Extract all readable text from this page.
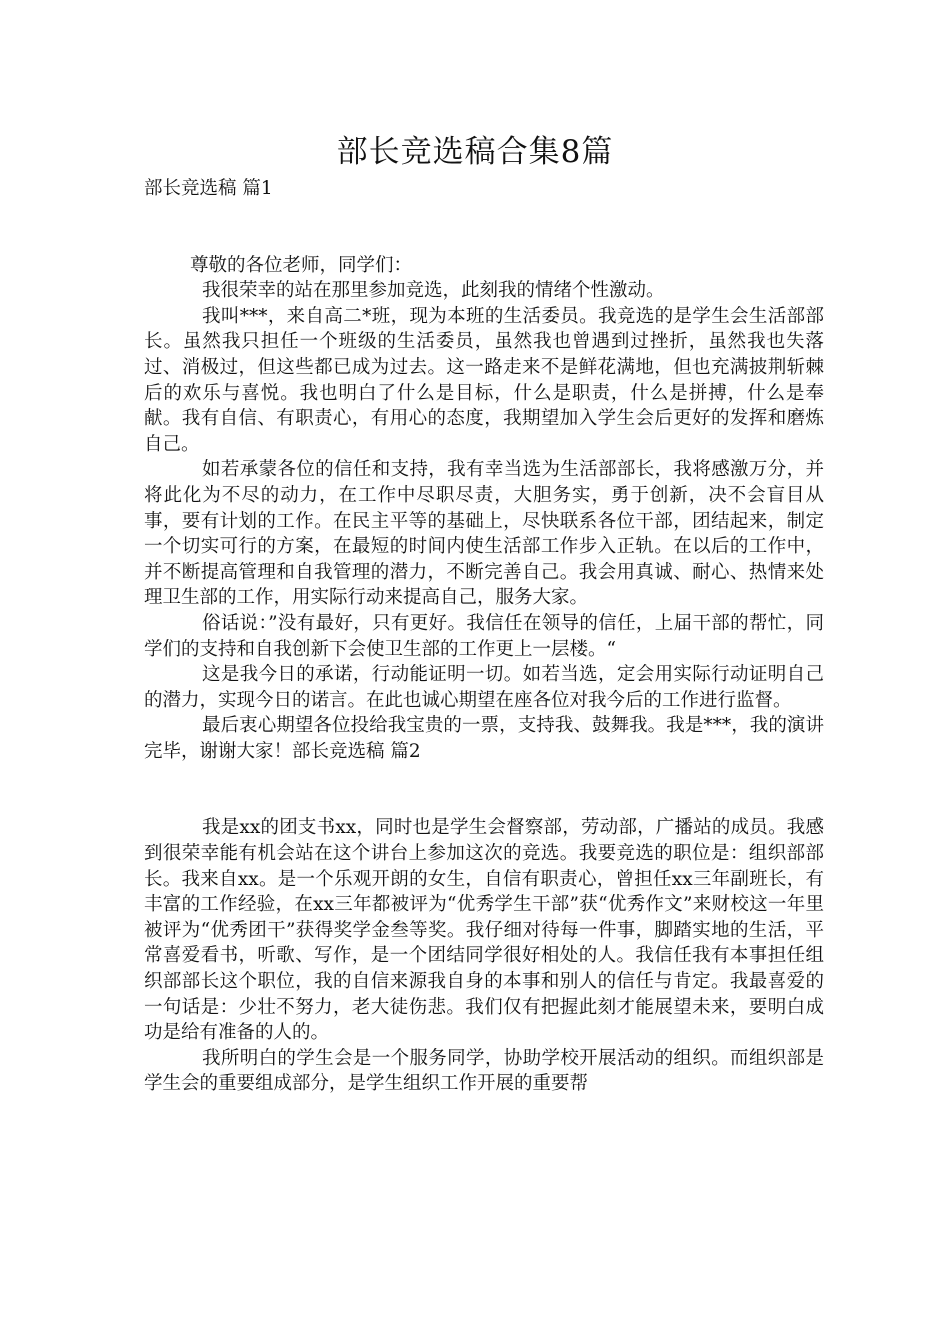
部长竞选稿合集8篇

部长竞选稿 篇1

尊敬的各位老师，同学们：

我很荣幸的站在那里参加竞选，此刻我的情绪个性激动。

我叫***，来自高二*班，现为本班的生活委员。我竞选的是学生会生活部部长。虽然我只担任一个班级的生活委员，虽然我也曾遇到过挫折，虽然我也失落过、消极过，但这些都已成为过去。这一路走来不是鲜花满地，但也充满披荆斩棘后的欢乐与喜悦。我也明白了什么是目标，什么是职责，什么是拼搏，什么是奉献。我有自信、有职责心，有用心的态度，我期望加入学生会后更好的发挥和磨炼自己。

如若承蒙各位的信任和支持，我有幸当选为生活部部长，我将感激万分，并将此化为不尽的动力，在工作中尽职尽责，大胆务实，勇于创新，决不会盲目从事，要有计划的工作。在民主平等的基础上，尽快联系各位干部，团结起来，制定一个切实可行的方案，在最短的时间内使生活部工作步入正轨。在以后的工作中，并不断提高管理和自我管理的潜力，不断完善自己。我会用真诚、耐心、热情来处理卫生部的工作，用实际行动来提高自己，服务大家。

俗话说：”没有最好，只有更好。我信任在领导的信任，上届干部的帮忙，同学们的支持和自我创新下会使卫生部的工作更上一层楼。“

这是我今日的承诺，行动能证明一切。如若当选，定会用实际行动证明自己的潜力，实现今日的诺言。在此也诚心期望在座各位对我今后的工作进行监督。

最后衷心期望各位投给我宝贵的一票，支持我、鼓舞我。我是***，我的演讲完毕，谢谢大家！部长竞选稿 篇2

我是xx的团支书xx，同时也是学生会督察部，劳动部，广播站的成员。我感到很荣幸能有机会站在这个讲台上参加这次的竞选。我要竞选的职位是：组织部部长。我来自xx。是一个乐观开朗的女生，自信有职责心，曾担任xx三年副班长，有丰富的工作经验，在xx三年都被评为“优秀学生干部”获“优秀作文”来财校这一年里被评为“优秀团干”获得奖学金叁等奖。我仔细对待每一件事，脚踏实地的生活，平常喜爱看书，听歌、写作，是一个团结同学很好相处的人。我信任我有本事担任组织部部长这个职位，我的自信来源我自身的本事和别人的信任与肯定。我最喜爱的一句话是：少壮不努力，老大徒伤悲。我们仅有把握此刻才能展望未来，要明白成功是给有准备的人的。

我所明白的学生会是一个服务同学，协助学校开展活动的组织。而组织部是学生会的重要组成部分，是学生组织工作开展的重要帮
